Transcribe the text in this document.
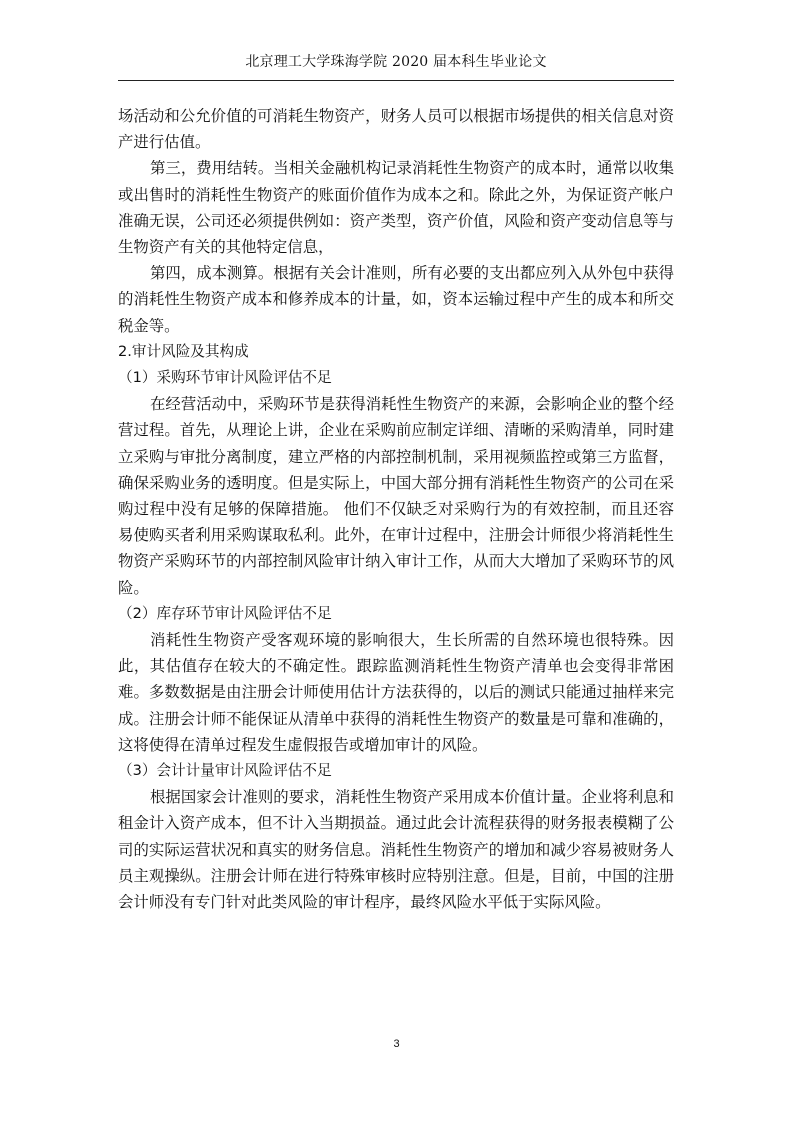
北京理工大学珠海学院 2020 届本科生毕业论文

场活动和公允价值的可消耗生物资产，财务人员可以根据市场提供的相关信息对资产进行估值。

第三，费用结转。当相关金融机构记录消耗性生物资产的成本时，通常以收集或出售时的消耗性生物资产的账面价值作为成本之和。除此之外，为保证资产帐户准确无误，公司还必须提供例如：资产类型，资产价值，风险和资产变动信息等与生物资产有关的其他特定信息，

第四，成本测算。根据有关会计准则，所有必要的支出都应列入从外包中获得的消耗性生物资产成本和修养成本的计量，如，资本运输过程中产生的成本和所交税金等。

2.审计风险及其构成

（1）采购环节审计风险评估不足

在经营活动中，采购环节是获得消耗性生物资产的来源，会影响企业的整个经营过程。首先，从理论上讲，企业在采购前应制定详细、清晰的采购清单，同时建立采购与审批分离制度，建立严格的内部控制机制，采用视频监控或第三方监督，确保采购业务的透明度。但是实际上，中国大部分拥有消耗性生物资产的公司在采购过程中没有足够的保障措施。 他们不仅缺乏对采购行为的有效控制，而且还容易使购买者利用采购谋取私利。此外，在审计过程中，注册会计师很少将消耗性生物资产采购环节的内部控制风险审计纳入审计工作，从而大大增加了采购环节的风险。

（2）库存环节审计风险评估不足

消耗性生物资产受客观环境的影响很大，生长所需的自然环境也很特殊。因此，其估值存在较大的不确定性。跟踪监测消耗性生物资产清单也会变得非常困难。多数数据是由注册会计师使用估计方法获得的，以后的测试只能通过抽样来完成。注册会计师不能保证从清单中获得的消耗性生物资产的数量是可靠和准确的，这将使得在清单过程发生虚假报告或增加审计的风险。

（3）会计计量审计风险评估不足

根据国家会计准则的要求，消耗性生物资产采用成本价值计量。企业将利息和租金计入资产成本，但不计入当期损益。通过此会计流程获得的财务报表模糊了公司的实际运营状况和真实的财务信息。消耗性生物资产的增加和减少容易被财务人员主观操纵。注册会计师在进行特殊审核时应特别注意。但是，目前，中国的注册会计师没有专门针对此类风险的审计程序，最终风险水平低于实际风险。

3
